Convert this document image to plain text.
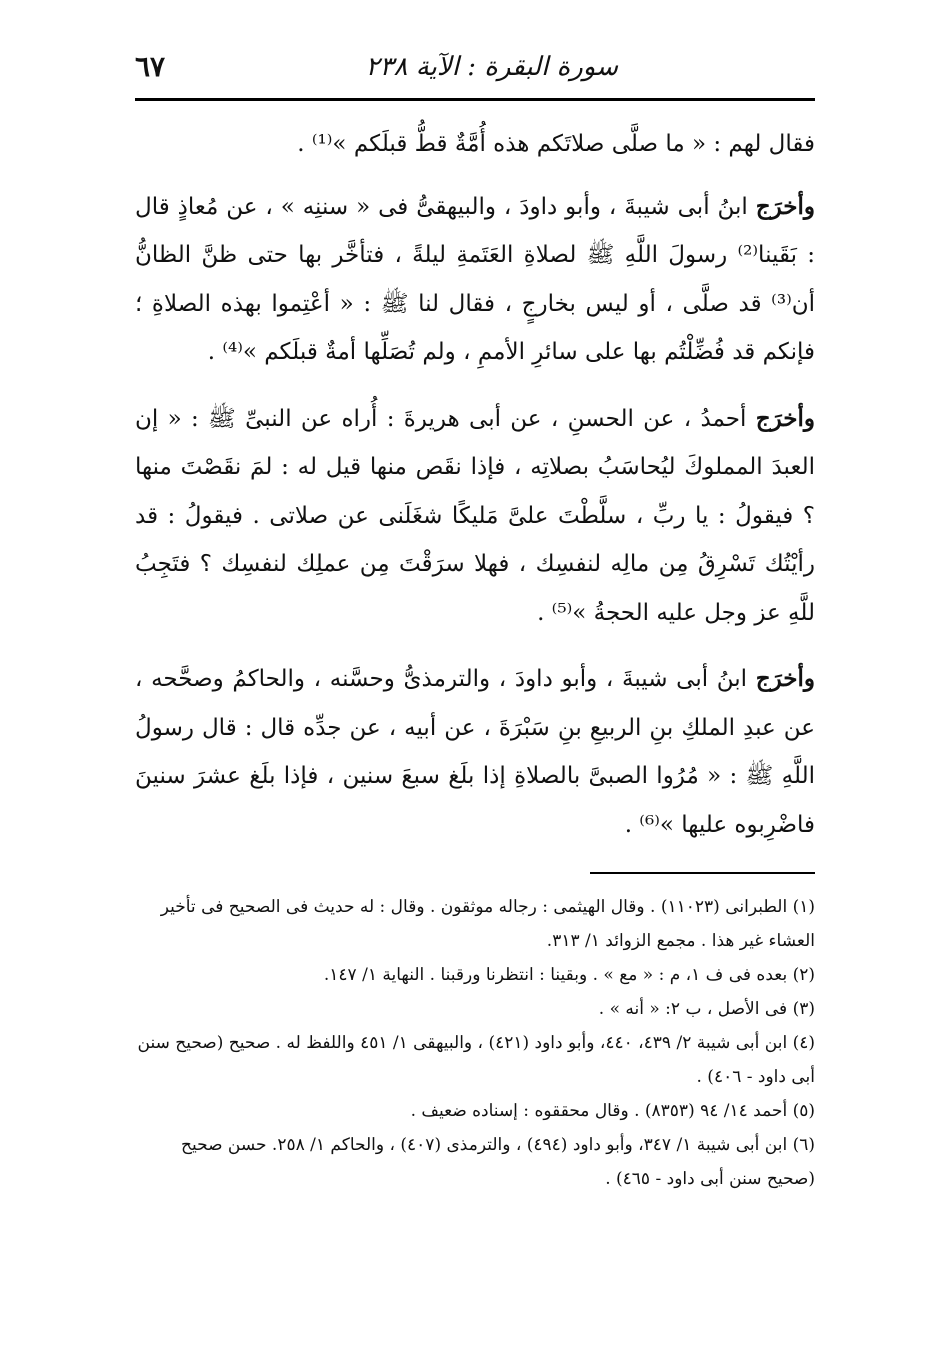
سورة البقرة : الآية ٢٣٨
٦٧

فقال لهم : « ما صلَّى صلاتَكم هذه أُمَّةٌ قطُّ قبلَكم »⁽¹⁾ .

وأخرَج ابنُ أبى شيبةَ ، وأبو داودَ ، والبيهقىُّ فى « سننِه » ، عن مُعاذٍ قال : بَقَينا⁽²⁾ رسولَ اللَّهِ ﷺ لصلاةِ العَتَمةِ ليلةً ، فتأخَّر بها حتى ظنَّ الظانُّ أن⁽³⁾ قد صلَّى ، أو ليس بخارجٍ ، فقال لنا ﷺ : « أعْتِموا بهذه الصلاةِ ؛ فإنكم قد فُضِّلْتُم بها على سائرِ الأممِ ، ولم تُصَلِّها أمةٌ قبلَكم »⁽⁴⁾ .

وأخرَج أحمدُ ، عن الحسنِ ، عن أبى هريرةَ : أُراه عن النبىِّ ﷺ : « إن العبدَ المملوكَ ليُحاسَبُ بصلاتِه ، فإذا نقَص منها قيل له : لمَ نقَصْتَ منها ؟ فيقولُ : يا ربِّ ، سلَّطْتَ علىَّ مَليكًا شغَلَنى عن صلاتى . فيقولُ : قد رأيْتُك تَسْرِقُ مِن مالِه لنفسِك ، فهلا سرَقْتَ مِن عملِك لنفسِك ؟ فتَجِبُ للَّهِ عز وجل عليه الحجةُ »⁽⁵⁾ .

وأخرَج ابنُ أبى شيبةَ ، وأبو داودَ ، والترمذىُّ وحسَّنه ، والحاكمُ وصحَّحه ، عن عبدِ الملكِ بنِ الربيعِ بنِ سَبْرَةَ ، عن أبيه ، عن جدِّه قال : قال رسولُ اللَّهِ ﷺ : « مُرُوا الصبىَّ بالصلاةِ إذا بلَغ سبعَ سنين ، فإذا بلَغ عشرَ سنينَ فاضْرِبوه عليها »⁽⁶⁾ .

(١) الطبرانى (١١٠٢٣) . وقال الهيثمى : رجاله موثقون . وقال : له حديث فى الصحيح فى تأخير العشاء غير هذا . مجمع الزوائد ١/ ٣١٣.

(٢) بعده فى ف ١، م : « مع » . وبقينا : انتظرنا ورقبنا . النهاية ١/ ١٤٧.

(٣) فى الأصل ، ب ٢: « أنه » .

(٤) ابن أبى شيبة ٢/ ٤٣٩، ٤٤٠، وأبو داود (٤٢١) ، والبيهقى ١/ ٤٥١ واللفظ له . صحيح (صحيح سنن أبى داود - ٤٠٦) .

(٥) أحمد ١٤/ ٩٤ (٨٣٥٣) . وقال محققوه : إسناده ضعيف .

(٦) ابن أبى شيبة ١/ ٣٤٧، وأبو داود (٤٩٤) ، والترمذى (٤٠٧) ، والحاكم ١/ ٢٥٨. حسن صحيح (صحيح سنن أبى داود - ٤٦٥) .
